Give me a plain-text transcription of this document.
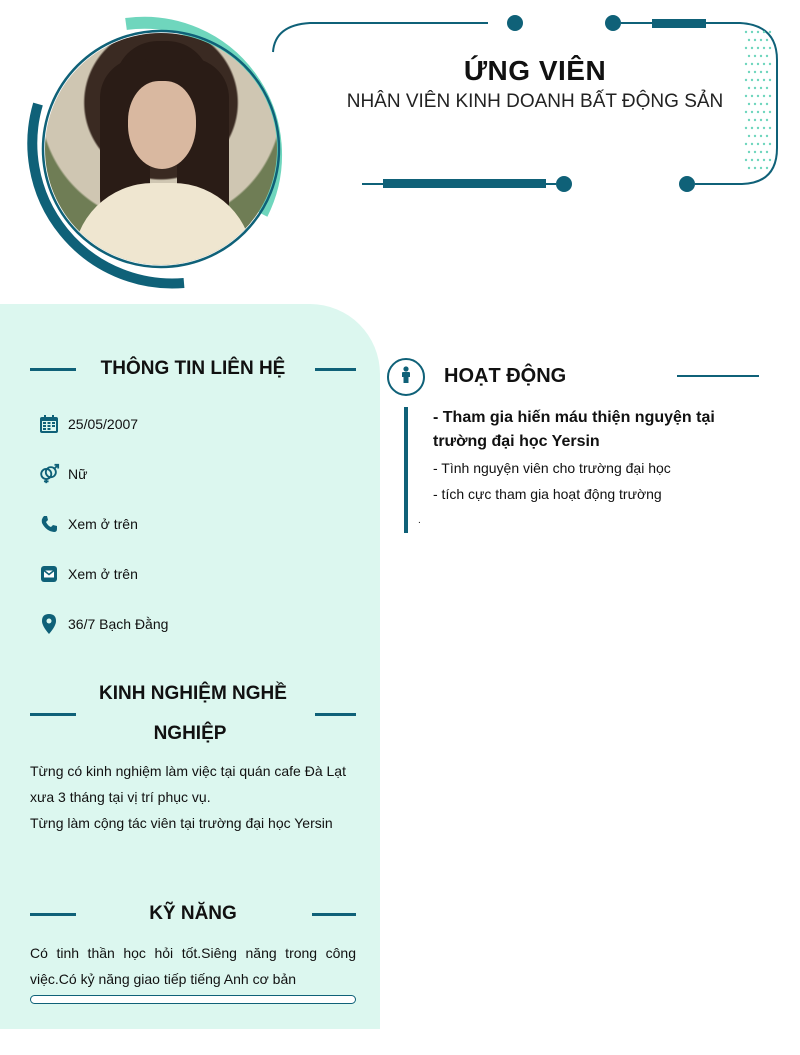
ỨNG VIÊN
NHÂN VIÊN KINH DOANH BẤT ĐỘNG SẢN
THÔNG TIN LIÊN HỆ
25/05/2007
Nữ
Xem ở trên
Xem ở trên
36/7 Bạch Đằng
KINH NGHIỆM NGHỀ
NGHIỆP
Từng có kinh nghiệm làm việc tại quán cafe Đà Lạt
xưa 3 tháng tại vị trí phục vụ.
Từng làm cộng tác viên tại trường đại học Yersin
KỸ NĂNG
Có tinh thần học hỏi tốt.Siêng năng trong công việc.Có kỷ năng giao tiếp tiếng Anh cơ bản
HOẠT ĐỘNG
- Tham gia hiến máu thiện nguyện tại trường đại học Yersin
- Tình nguyện viên cho trường đại học
- tích cực tham gia hoạt động trường
.
